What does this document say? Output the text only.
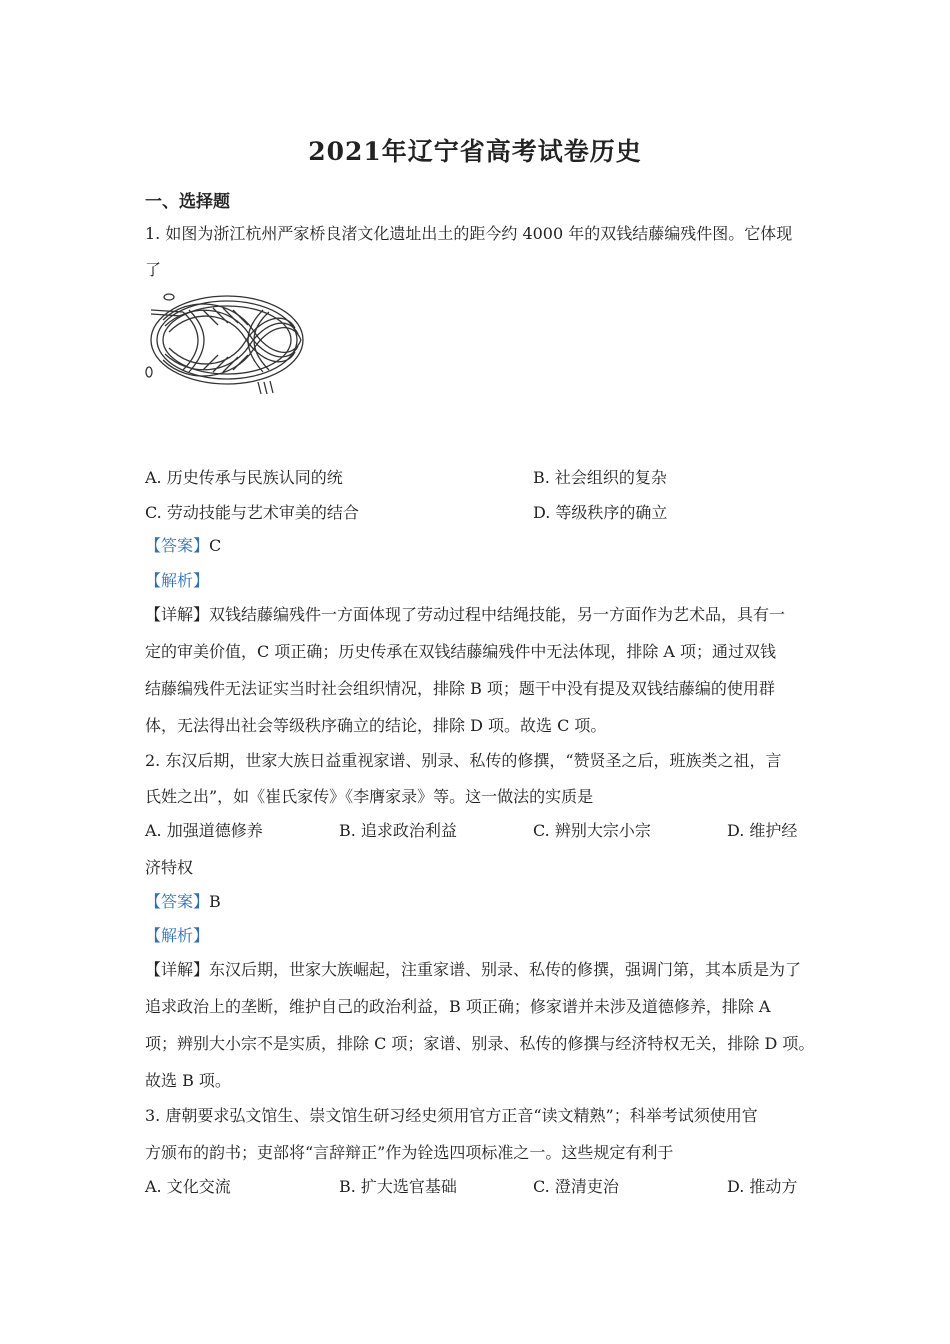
2021年辽宁省高考试卷历史
一、选择题
1. 如图为浙江杭州严家桥良渚文化遗址出土的距今约 4000 年的双钱结藤编残件图。它体现
了
A. 历史传承与民族认同的统	B. 社会组织的复杂
C. 劳动技能与艺术审美的结合	D. 等级秩序的确立
【答案】C
【解析】
【详解】双钱结藤编残件一方面体现了劳动过程中结绳技能，另一方面作为艺术品，具有一
定的审美价值，C 项正确；历史传承在双钱结藤编残件中无法体现，排除 A 项；通过双钱
结藤编残件无法证实当时社会组织情况，排除 B 项；题干中没有提及双钱结藤编的使用群
体，无法得出社会等级秩序确立的结论，排除 D 项。故选 C 项。
2. 东汉后期，世家大族日益重视家谱、别录、私传的修撰，“赞贤圣之后，班族类之祖，言
氏姓之出”，如《崔氏家传》《李膺家录》等。这一做法的实质是
A. 加强道德修养	B. 追求政治利益	C. 辨别大宗小宗	D. 维护经
济特权
【答案】B
【解析】
【详解】东汉后期，世家大族崛起，注重家谱、别录、私传的修撰，强调门第，其本质是为了
追求政治上的垄断，维护自己的政治利益，B 项正确；修家谱并未涉及道德修养，排除 A
项；辨别大小宗不是实质，排除 C 项；家谱、别录、私传的修撰与经济特权无关，排除 D 项。
故选 B 项。
3. 唐朝要求弘文馆生、崇文馆生研习经史须用官方正音“读文精熟”；科举考试须使用官
方颁布的韵书；吏部将“言辞辩正”作为铨选四项标准之一。这些规定有利于
A. 文化交流	B. 扩大选官基础	C. 澄清吏治	D. 推动方
